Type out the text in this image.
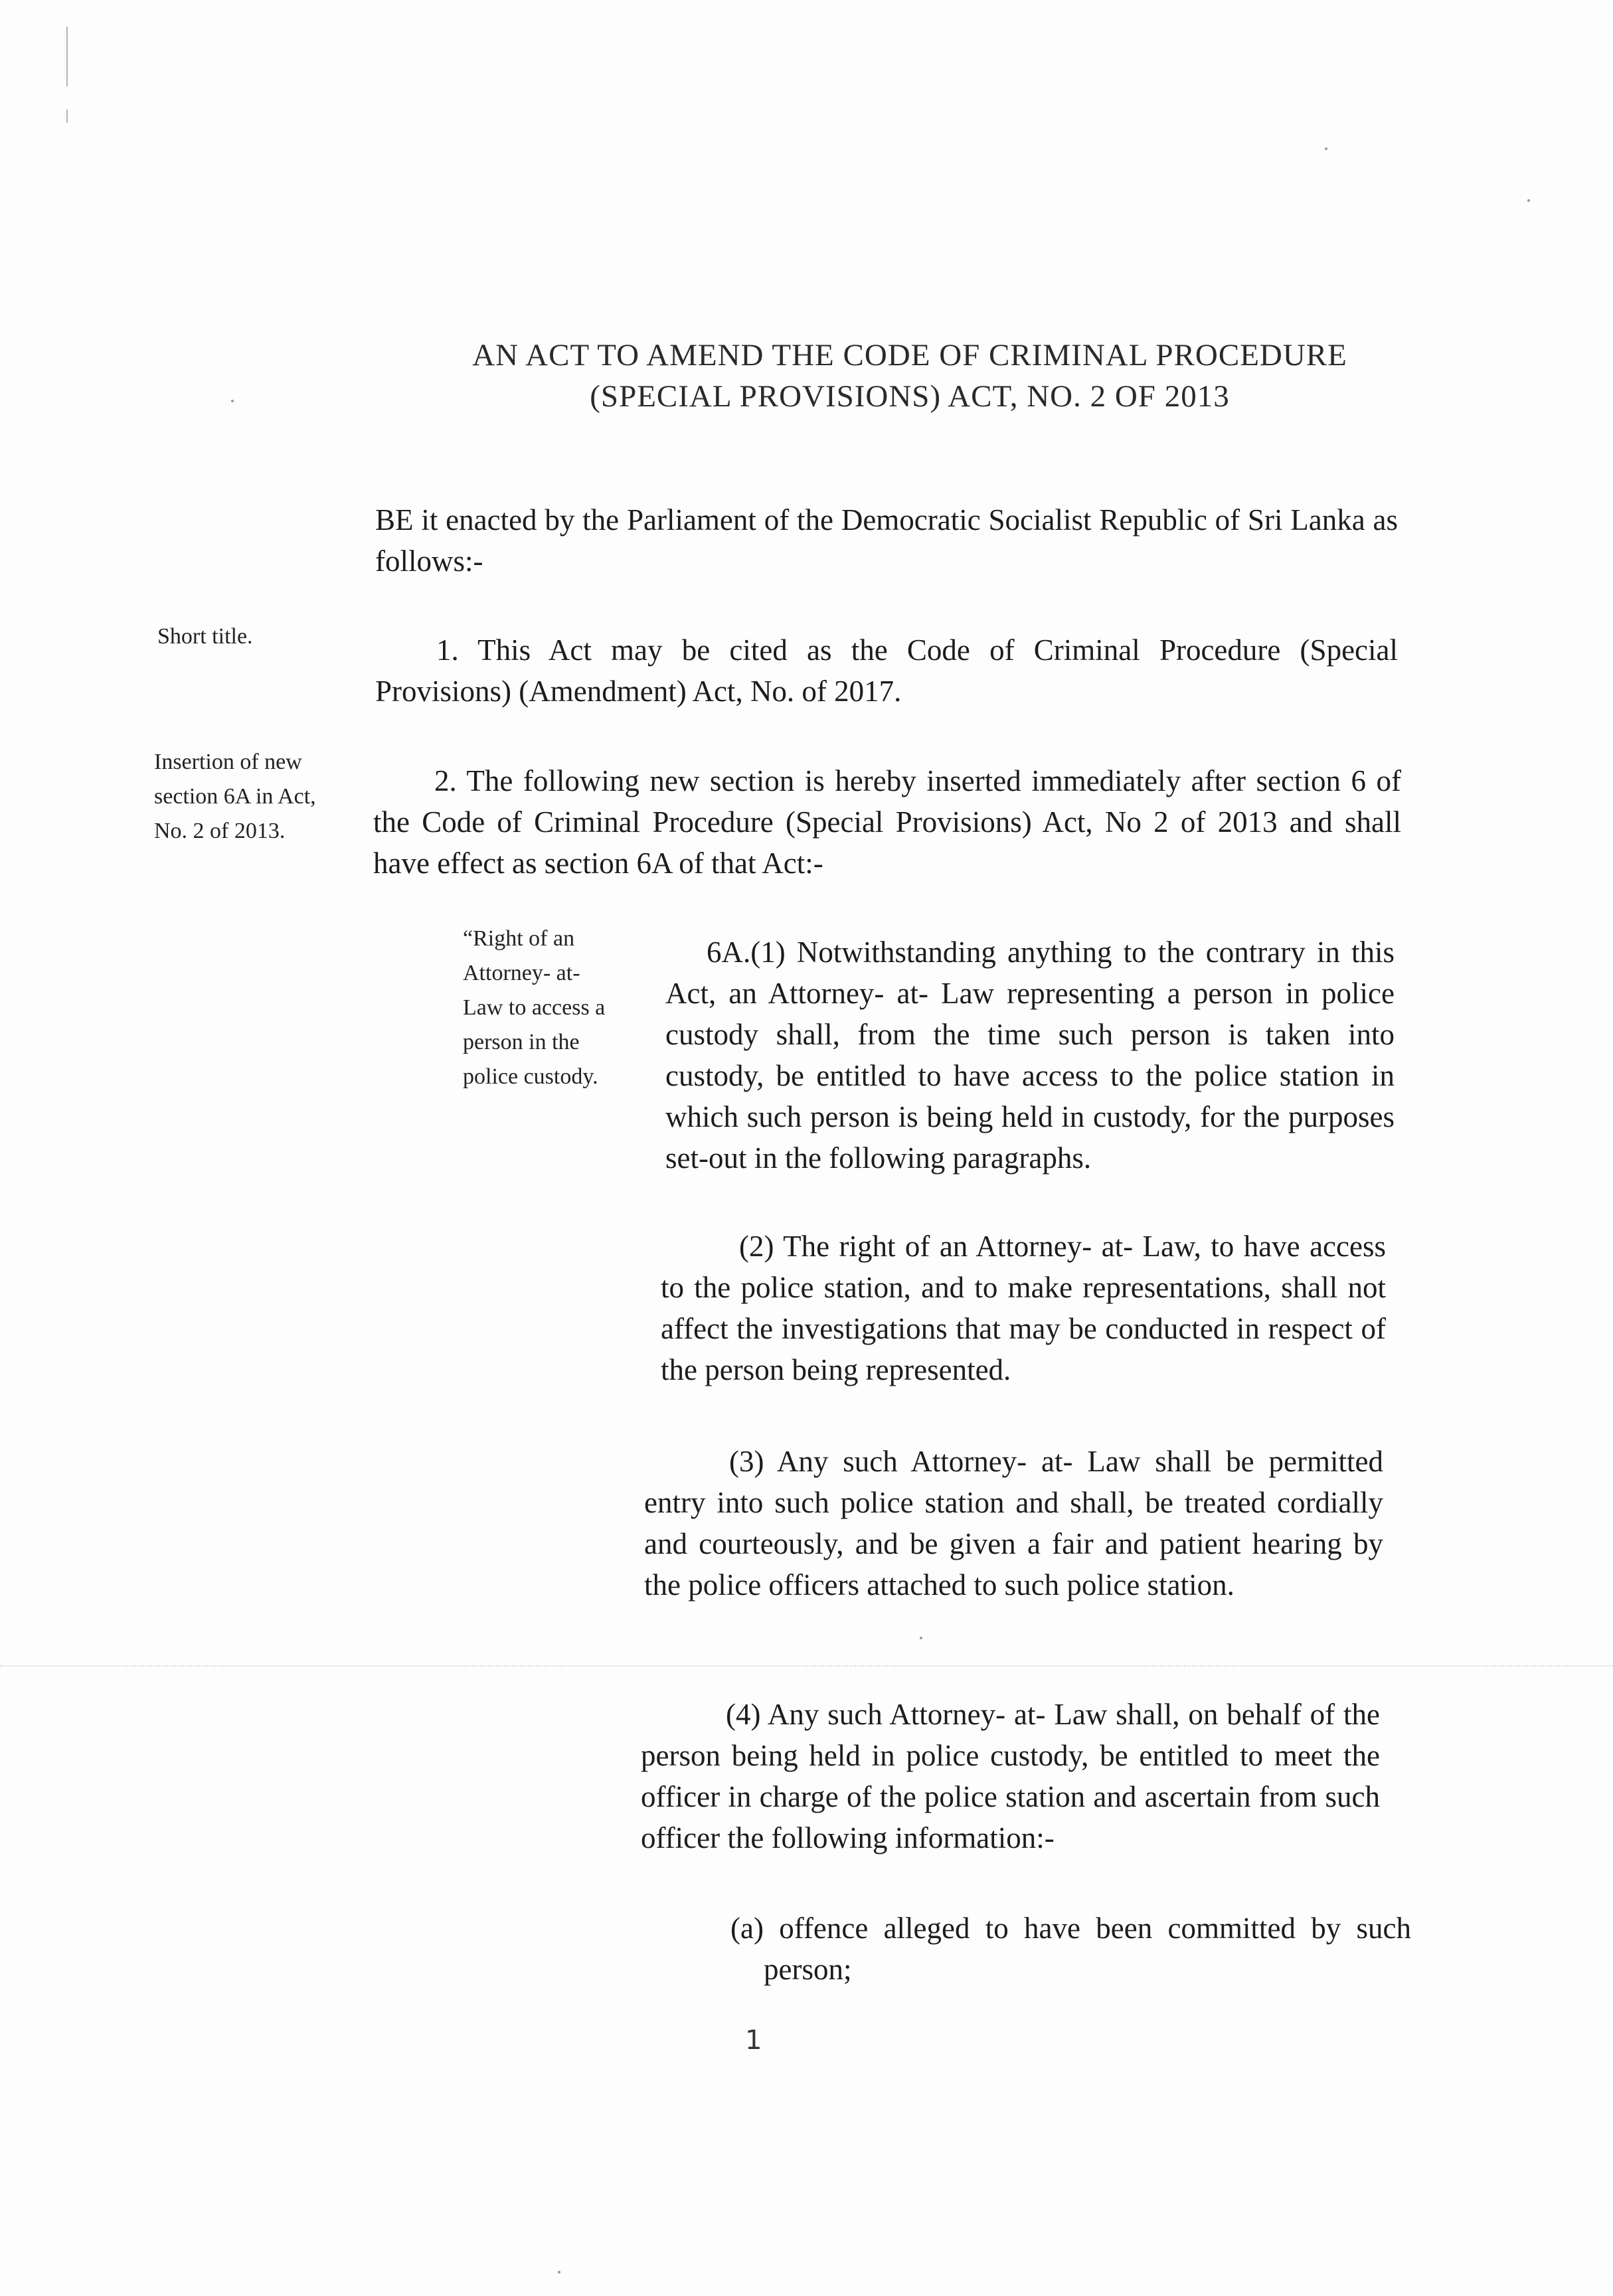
AN ACT TO AMEND THE CODE OF CRIMINAL PROCEDURE
(SPECIAL PROVISIONS) ACT, NO. 2 OF 2013

BE it enacted by the Parliament of the Democratic Socialist Republic of Sri Lanka as follows:-

Short title.	1. This Act may be cited as the Code of Criminal Procedure (Special Provisions) (Amendment) Act, No. of 2017.

Insertion of new section 6A in Act, No. 2 of 2013.

2. The following new section is hereby inserted immediately after section 6 of the Code of Criminal Procedure (Special Provisions) Act, No 2 of 2013 and shall have effect as section 6A of that Act:-

“Right of an Attorney- at- Law to access a person in the police custody.

6A.(1) Notwithstanding anything to the contrary in this Act, an Attorney- at- Law representing a person in police custody shall, from the time such person is taken into custody, be entitled to have access to the police station in which such person is being held in custody, for the purposes set-out in the following paragraphs.

(2) The right of an Attorney- at- Law, to have access to the police station, and to make representations, shall not affect the investigations that may be conducted in respect of the person being represented.

(3) Any such Attorney- at- Law shall be permitted entry into such police station and shall, be treated cordially and courteously, and be given a fair and patient hearing by the police officers attached to such police station.

(4) Any such Attorney- at- Law shall, on behalf of the person being held in police custody, be entitled to meet the officer in charge of the police station and ascertain from such officer the following information:-

(a) offence alleged to have been committed by such person;

1
